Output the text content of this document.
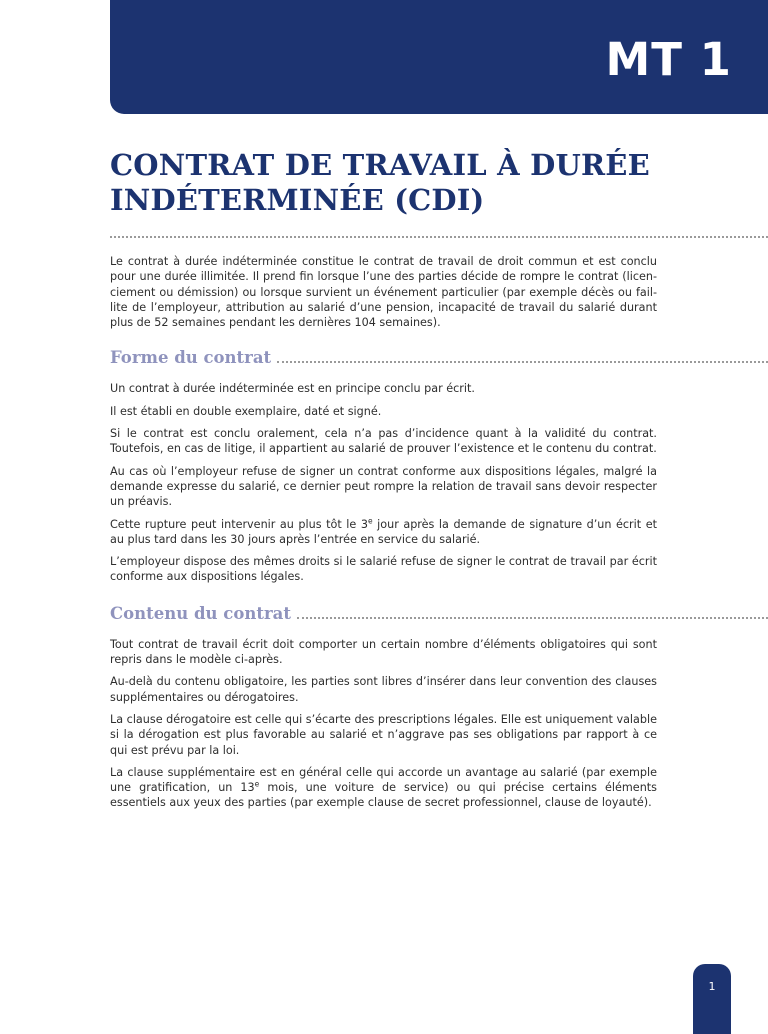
MT 1
CONTRAT DE TRAVAIL À DURÉE INDÉTERMINÉE (CDI)

Le contrat à durée indéterminée constitue le contrat de travail de droit commun et est conclu pour une durée illimitée. Il prend fin lorsque l’une des parties décide de rompre le contrat (licen-ciement ou démission) ou lorsque survient un événement particulier (par exemple décès ou fail-lite de l’employeur, attribution au salarié d’une pension, incapacité de travail du salarié durant plus de 52 semaines pendant les dernières 104 semaines).

Forme du contrat

Un contrat à durée indéterminée est en principe conclu par écrit.

Il est établi en double exemplaire, daté et signé.

Si le contrat est conclu oralement, cela n’a pas d’incidence quant à la validité du contrat. Toutefois, en cas de litige, il appartient au salarié de prouver l’existence et le contenu du contrat.

Au cas où l’employeur refuse de signer un contrat conforme aux dispositions légales, malgré la demande expresse du salarié, ce dernier peut rompre la relation de travail sans devoir respecter un préavis.

Cette rupture peut intervenir au plus tôt le 3e jour après la demande de signature d’un écrit et au plus tard dans les 30 jours après l’entrée en service du salarié.

L’employeur dispose des mêmes droits si le salarié refuse de signer le contrat de travail par écrit conforme aux dispositions légales.

Contenu du contrat

Tout contrat de travail écrit doit comporter un certain nombre d’éléments obligatoires qui sont repris dans le modèle ci-après.

Au-delà du contenu obligatoire, les parties sont libres d’insérer dans leur convention des clauses supplémentaires ou dérogatoires.

La clause dérogatoire est celle qui s’écarte des prescriptions légales. Elle est uniquement valable si la dérogation est plus favorable au salarié et n’aggrave pas ses obligations par rapport à ce qui est prévu par la loi.

La clause supplémentaire est en général celle qui accorde un avantage au salarié (par exemple une gratification, un 13e mois, une voiture de service) ou qui précise certains éléments essentiels aux yeux des parties (par exemple clause de secret professionnel, clause de loyauté).

1
